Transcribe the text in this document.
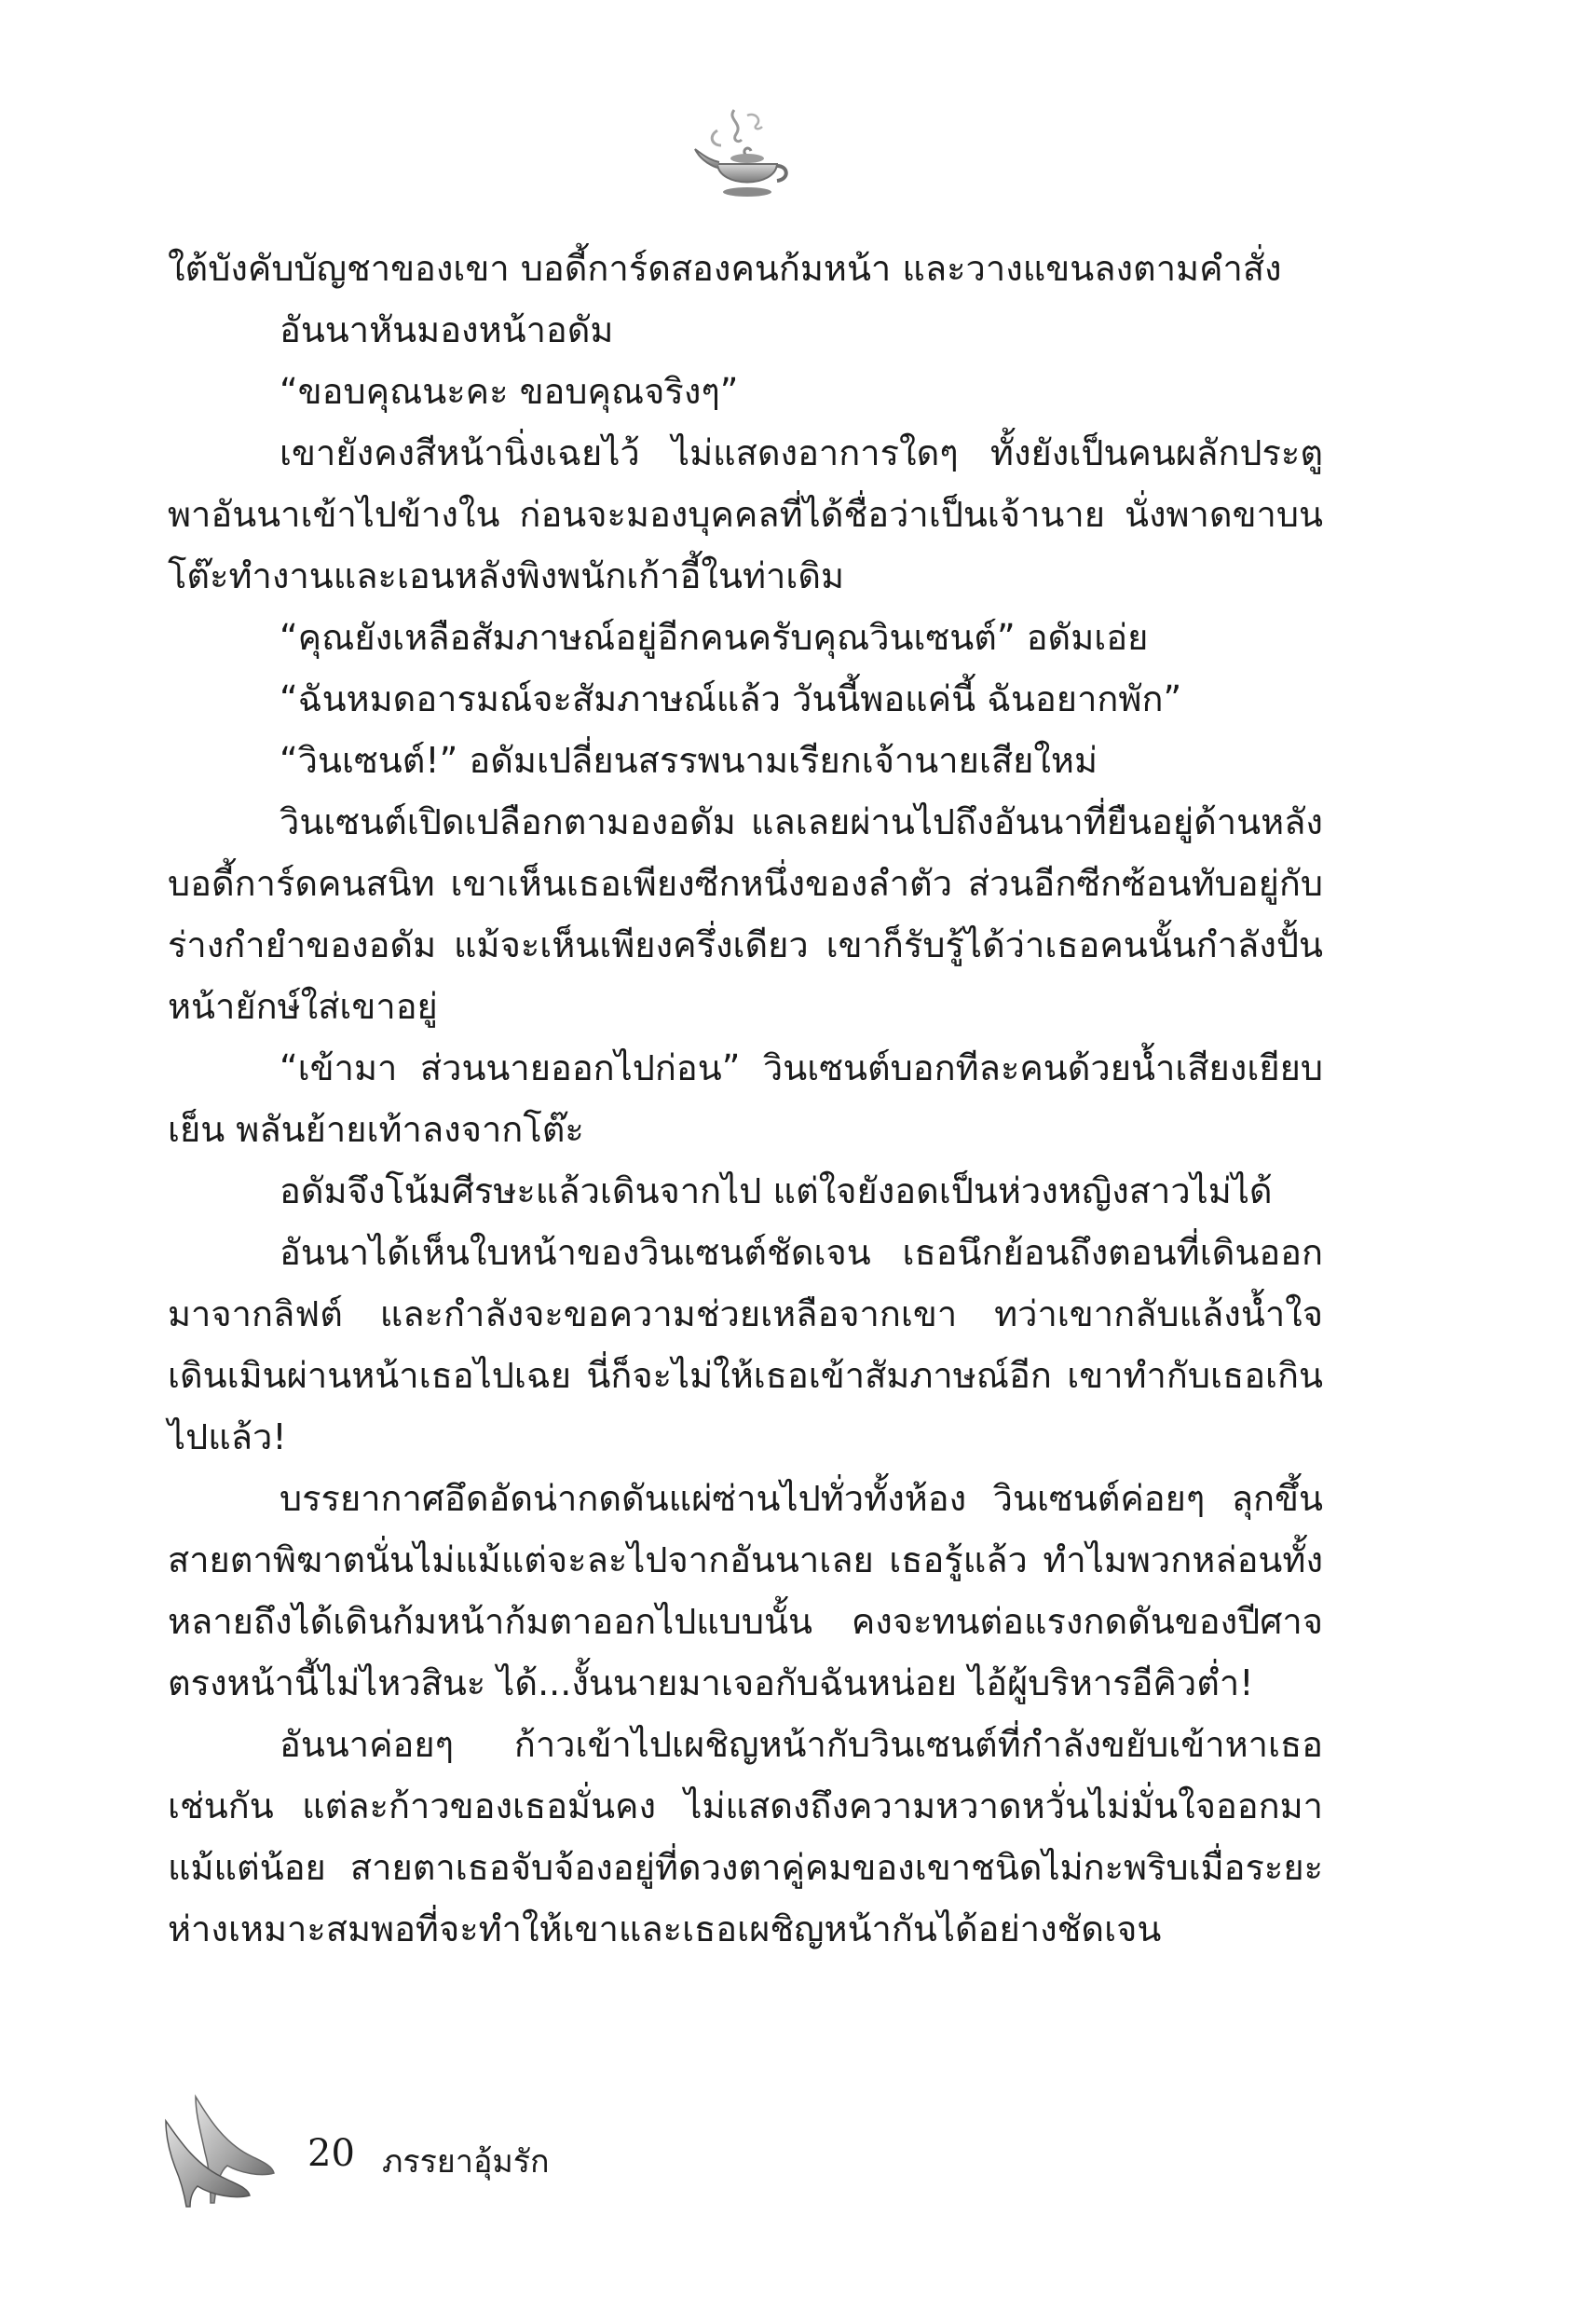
ใต้บังคับบัญชาของเขา บอดี้การ์ดสองคนก้มหน้า และวางแขนลงตามคำสั่ง

อันนาหันมองหน้าอดัม

“ขอบคุณนะคะ ขอบคุณจริงๆ”

เขายังคงสีหน้านิ่งเฉยไว้ ไม่แสดงอาการใดๆ ทั้งยังเป็นคนผลักประตูพาอันนาเข้าไปข้างใน ก่อนจะมองบุคคลที่ได้ชื่อว่าเป็นเจ้านาย นั่งพาดขาบนโต๊ะทำงานและเอนหลังพิงพนักเก้าอี้ในท่าเดิม

“คุณยังเหลือสัมภาษณ์อยู่อีกคนครับคุณวินเซนต์” อดัมเอ่ย

“ฉันหมดอารมณ์จะสัมภาษณ์แล้ว วันนี้พอแค่นี้ ฉันอยากพัก”

“วินเซนต์!” อดัมเปลี่ยนสรรพนามเรียกเจ้านายเสียใหม่

วินเซนต์เปิดเปลือกตามองอดัม แลเลยผ่านไปถึงอันนาที่ยืนอยู่ด้านหลังบอดี้การ์ดคนสนิท เขาเห็นเธอเพียงซีกหนึ่งของลำตัว ส่วนอีกซีกซ้อนทับอยู่กับร่างกำยำของอดัม แม้จะเห็นเพียงครึ่งเดียว เขาก็รับรู้ได้ว่าเธอคนนั้นกำลังปั้นหน้ายักษ์ใส่เขาอยู่

“เข้ามา ส่วนนายออกไปก่อน” วินเซนต์บอกทีละคนด้วยน้ำเสียงเยียบเย็น พลันย้ายเท้าลงจากโต๊ะ

อดัมจึงโน้มศีรษะแล้วเดินจากไป แต่ใจยังอดเป็นห่วงหญิงสาวไม่ได้

อันนาได้เห็นใบหน้าของวินเซนต์ชัดเจน เธอนึกย้อนถึงตอนที่เดินออกมาจากลิฟต์ และกำลังจะขอความช่วยเหลือจากเขา ทว่าเขากลับแล้งน้ำใจ เดินเมินผ่านหน้าเธอไปเฉย นี่ก็จะไม่ให้เธอเข้าสัมภาษณ์อีก เขาทำกับเธอเกินไปแล้ว!

บรรยากาศอึดอัดน่ากดดันแผ่ซ่านไปทั่วทั้งห้อง วินเซนต์ค่อยๆ ลุกขึ้น สายตาพิฆาตนั่นไม่แม้แต่จะละไปจากอันนาเลย เธอรู้แล้ว ทำไมพวกหล่อนทั้งหลายถึงได้เดินก้มหน้าก้มตาออกไปแบบนั้น คงจะทนต่อแรงกดดันของปีศาจตรงหน้านี้ไม่ไหวสินะ ได้...งั้นนายมาเจอกับฉันหน่อย ไอ้ผู้บริหารอีคิวต่ำ!

อันนาค่อยๆ ก้าวเข้าไปเผชิญหน้ากับวินเซนต์ที่กำลังขยับเข้าหาเธอเช่นกัน แต่ละก้าวของเธอมั่นคง ไม่แสดงถึงความหวาดหวั่นไม่มั่นใจออกมาแม้แต่น้อย สายตาเธอจับจ้องอยู่ที่ดวงตาคู่คมของเขาชนิดไม่กะพริบเมื่อระยะห่างเหมาะสมพอที่จะทำให้เขาและเธอเผชิญหน้ากันได้อย่างชัดเจน

20 ภรรยาอุ้มรัก
